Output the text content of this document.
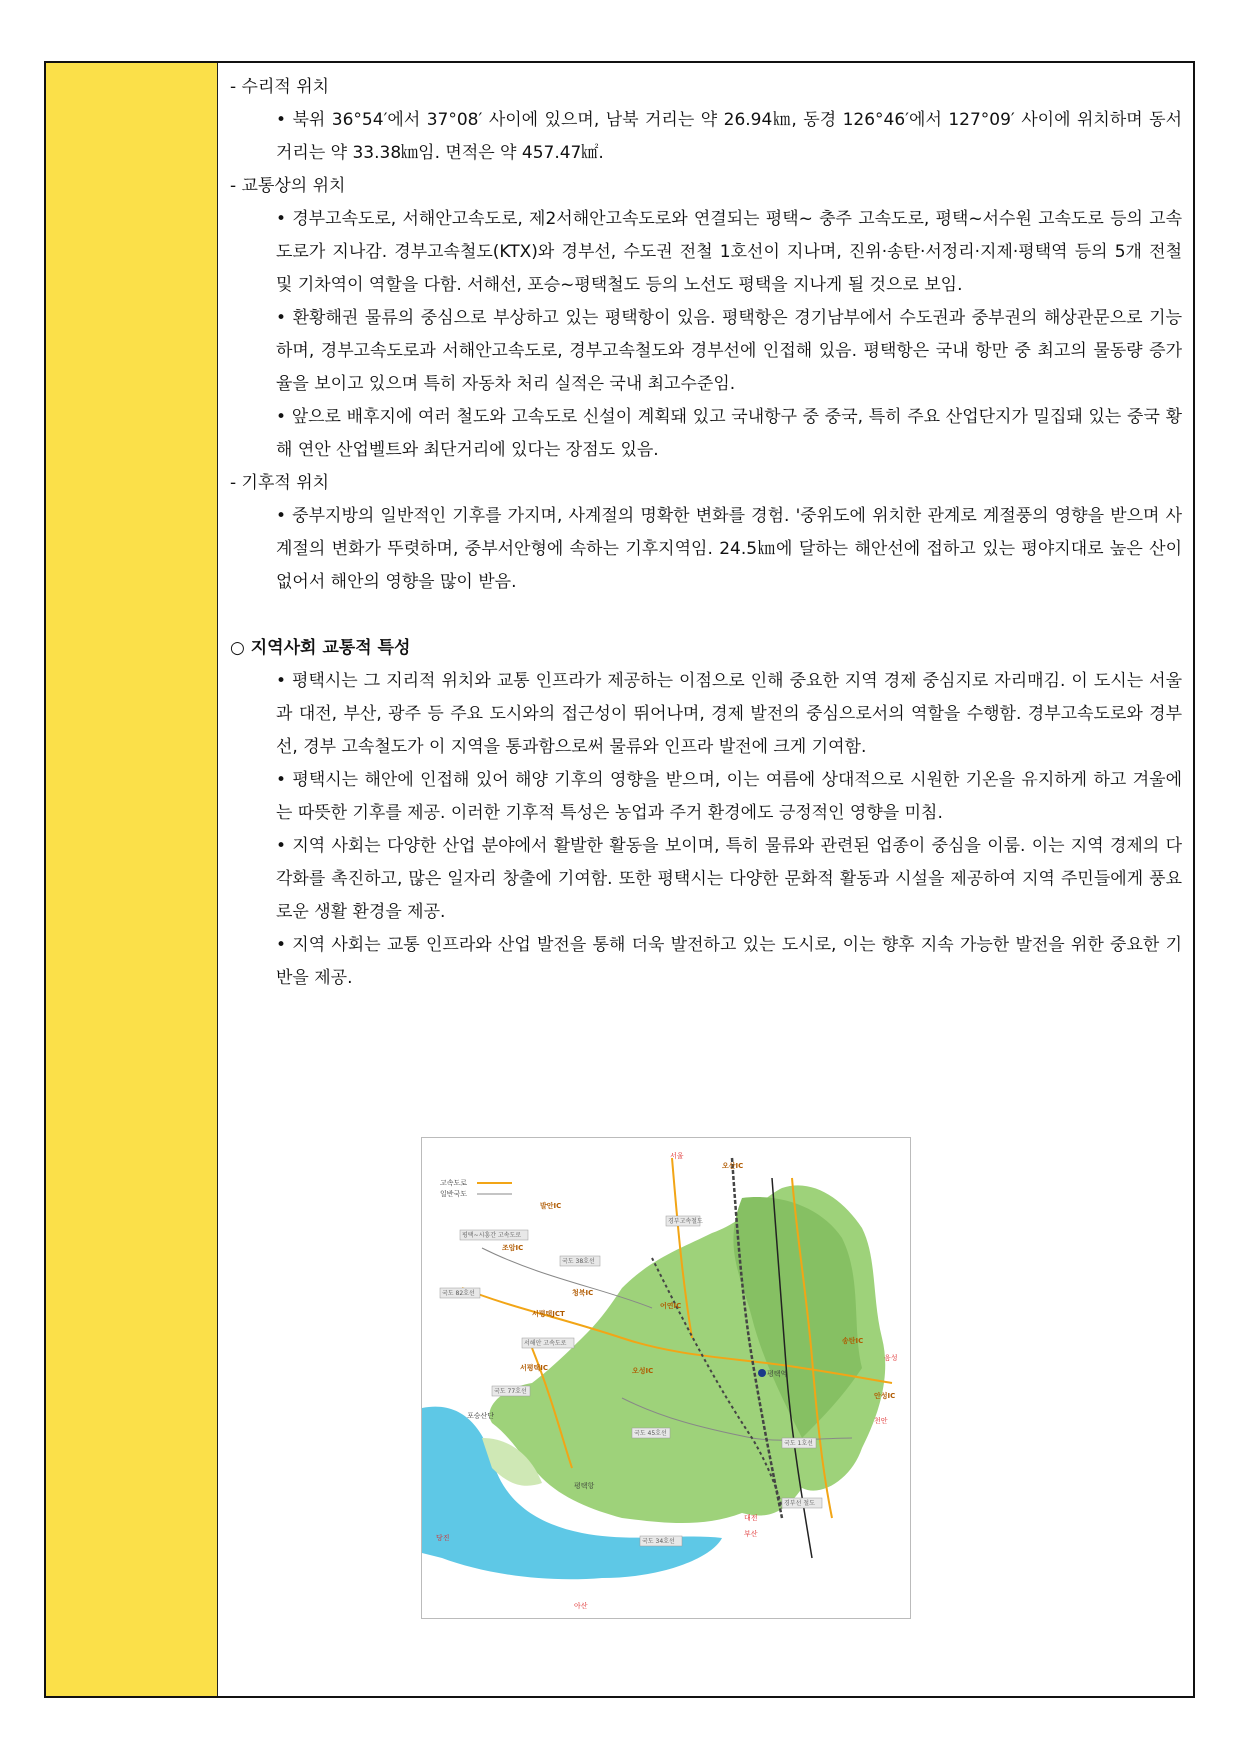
- 수리적 위치
• 북위 36°54′에서 37°08′ 사이에 있으며, 남북 거리는 약 26.94㎞, 동경 126°46′에서 127°09′ 사이에 위치하며 동서 거리는 약 33.38㎞임. 면적은 약 457.47㎢.
- 교통상의 위치
• 경부고속도로, 서해안고속도로, 제2서해안고속도로와 연결되는 평택~ 충주 고속도로, 평택~서수원 고속도로 등의 고속도로가 지나감. 경부고속철도(KTX)와 경부선, 수도권 전철 1호선이 지나며, 진위·송탄·서정리·지제·평택역 등의 5개 전철 및 기차역이 역할을 다함. 서해선, 포승~평택철도 등의 노선도 평택을 지나게 될 것으로 보임.
• 환황해권 물류의 중심으로 부상하고 있는 평택항이 있음. 평택항은 경기남부에서 수도권과 중부권의 해상관문으로 기능하며, 경부고속도로과 서해안고속도로, 경부고속철도와 경부선에 인접해 있음. 평택항은 국내 항만 중 최고의 물동량 증가율을 보이고 있으며 특히 자동차 처리 실적은 국내 최고수준임.
• 앞으로 배후지에 여러 철도와 고속도로 신설이 계획돼 있고 국내항구 중 중국, 특히 주요 산업단지가 밀집돼 있는 중국 황해 연안 산업벨트와 최단거리에 있다는 장점도 있음.
- 기후적 위치
• 중부지방의 일반적인 기후를 가지며, 사계절의 명확한 변화를 경험. '중위도에 위치한 관계로 계절풍의 영향을 받으며 사계절의 변화가 뚜렷하며, 중부서안형에 속하는 기후지역임. 24.5㎞에 달하는 해안선에 접하고 있는 평야지대로 높은 산이 없어서 해안의 영향을 많이 받음.
○ 지역사회 교통적 특성
• 평택시는 그 지리적 위치와 교통 인프라가 제공하는 이점으로 인해 중요한 지역 경제 중심지로 자리매김. 이 도시는 서울과 대전, 부산, 광주 등 주요 도시와의 접근성이 뛰어나며, 경제 발전의 중심으로서의 역할을 수행함. 경부고속도로와 경부선, 경부 고속철도가 이 지역을 통과함으로써 물류와 인프라 발전에 크게 기여함.
• 평택시는 해안에 인접해 있어 해양 기후의 영향을 받으며, 이는 여름에 상대적으로 시원한 기온을 유지하게 하고 겨울에는 따뜻한 기후를 제공. 이러한 기후적 특성은 농업과 주거 환경에도 긍정적인 영향을 미침.
• 지역 사회는 다양한 산업 분야에서 활발한 활동을 보이며, 특히 물류와 관련된 업종이 중심을 이룸. 이는 지역 경제의 다각화를 촉진하고, 많은 일자리 창출에 기여함. 또한 평택시는 다양한 문화적 활동과 시설을 제공하여 지역 주민들에게 풍요로운 생활 환경을 제공.
• 지역 사회는 교통 인프라와 산업 발전을 통해 더욱 발전하고 있는 도시로, 이는 향후 지속 가능한 발전을 위한 중요한 기반을 제공.
고속도로
일반국도
서울
오산IC
발안IC
평택~시흥간 고속도로
조암IC
국도 38호선
국도 82호선	청북IC
서평택JCT
어연IC
송탄IC
서해안 고속도로
서평택IC	오성IC
국도 77호선
국도 45호선
포승산단
평택항
평택역
안성IC
음성
천안
대전
부산
당진
아산
국도 34호선
경부선 철도
경부고속철도
국도 1호선
